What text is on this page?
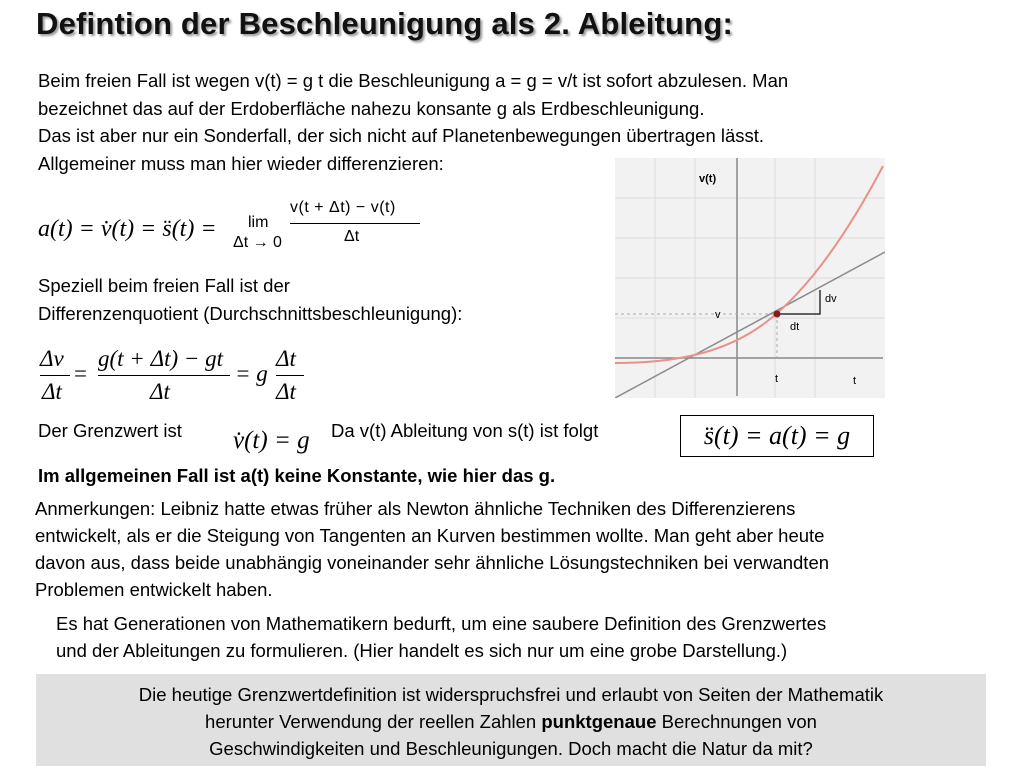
Defintion der Beschleunigung als 2. Ableitung:
Beim freien Fall ist wegen v(t) = g t die Beschleunigung a = g = v/t ist sofort abzulesen. Man
bezeichnet das auf der Erdoberfläche nahezu konsante g als Erdbeschleunigung.
Das ist aber nur ein Sonderfall, der sich nicht auf Planetenbewegungen übertragen lässt.
Allgemeiner muss man hier wieder differenzieren:
a(t) = v̇(t) = s̈(t) = lim
Δt → 0
v(t + Δt) − v(t)
Δt
Speziell beim freien Fall ist der
Differenzenquotient (Durchschnittsbeschleunigung):
Δv
Δt
=
g(t + Δt) − gt
Δt
= g
Δt
Δt
Der Grenzwert ist v̇(t) = g Da v(t) Ableitung von s(t) ist folgt	s̈(t) = a(t) = g
Im allgemeinen Fall ist a(t) keine Konstante, wie hier das g.
Anmerkungen: Leibniz hatte etwas früher als Newton ähnliche Techniken des Differenzierens
entwickelt, als er die Steigung von Tangenten an Kurven bestimmen wollte. Man geht aber heute
davon aus, dass beide unabhängig voneinander sehr ähnliche Lösungstechniken bei verwandten
Problemen entwickelt haben.
Es hat Generationen von Mathematikern bedurft, um eine saubere Definition des Grenzwertes
und der Ableitungen zu formulieren. (Hier handelt es sich nur um eine grobe Darstellung.)
Die heutige Grenzwertdefinition ist widerspruchsfrei und erlaubt von Seiten der Mathematik
herunter Verwendung der reellen Zahlen punktgenaue Berechnungen von
Geschwindigkeiten und Beschleunigungen. Doch macht die Natur da mit?
v(t)
dv
dt
v
t	t
